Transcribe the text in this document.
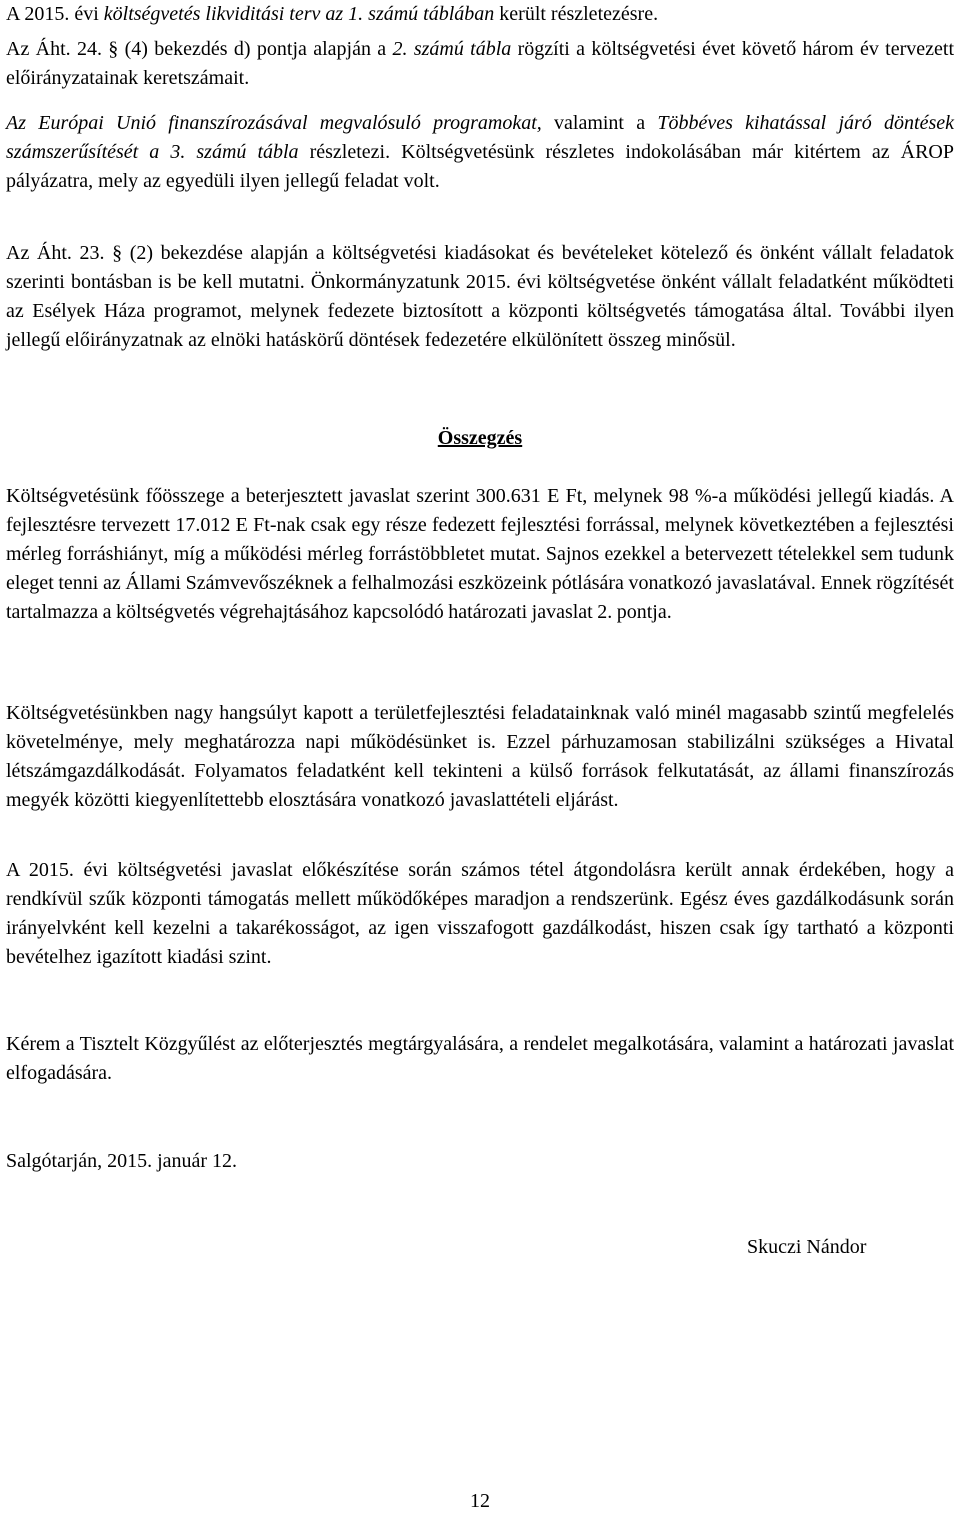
A 2015. évi költségvetés likviditási terv az 1. számú táblában került részletezésre.

Az Áht. 24. § (4) bekezdés d) pontja alapján a 2. számú tábla rögzíti a költségvetési évet követő három év tervezett előirányzatainak keretszámait.

Az Európai Unió finanszírozásával megvalósuló programokat, valamint a Többéves kihatással járó döntések számszerűsítését a 3. számú tábla részletezi. Költségvetésünk részletes indokolásában már kitértem az ÁROP pályázatra, mely az egyedüli ilyen jellegű feladat volt.

Az Áht. 23. § (2) bekezdése alapján a költségvetési kiadásokat és bevételeket kötelező és önként vállalt feladatok szerinti bontásban is be kell mutatni. Önkormányzatunk 2015. évi költségvetése önként vállalt feladatként működteti az Esélyek Háza programot, melynek fedezete biztosított a központi költségvetés támogatása által. További ilyen jellegű előirányzatnak az elnöki hatáskörű döntések fedezetére elkülönített összeg minősül.

Összegzés

Költségvetésünk főösszege a beterjesztett javaslat szerint 300.631 E Ft, melynek 98 %-a működési jellegű kiadás. A fejlesztésre tervezett 17.012 E Ft-nak csak egy része fedezett fejlesztési forrással, melynek következtében a fejlesztési mérleg forráshiányt, míg a működési mérleg forrástöbbletet mutat. Sajnos ezekkel a betervezett tételekkel sem tudunk eleget tenni az Állami Számvevőszéknek a felhalmozási eszközeink pótlására vonatkozó javaslatával. Ennek rögzítését tartalmazza a költségvetés végrehajtásához kapcsolódó határozati javaslat 2. pontja.

Költségvetésünkben nagy hangsúlyt kapott a területfejlesztési feladatainknak való minél magasabb szintű megfelelés követelménye, mely meghatározza napi működésünket is. Ezzel párhuzamosan stabilizálni szükséges a Hivatal létszámgazdálkodását. Folyamatos feladatként kell tekinteni a külső források felkutatását, az állami finanszírozás megyék közötti kiegyenlítettebb elosztására vonatkozó javaslattételi eljárást.

A 2015. évi költségvetési javaslat előkészítése során számos tétel átgondolásra került annak érdekében, hogy a rendkívül szűk központi támogatás mellett működőképes maradjon a rendszerünk. Egész éves gazdálkodásunk során irányelvként kell kezelni a takarékosságot, az igen visszafogott gazdálkodást, hiszen csak így tartható a központi bevételhez igazított kiadási szint.

Kérem a Tisztelt Közgyűlést az előterjesztés megtárgyalására, a rendelet megalkotására, valamint a határozati javaslat elfogadására.

Salgótarján, 2015. január 12.

Skuczi Nándor

12
